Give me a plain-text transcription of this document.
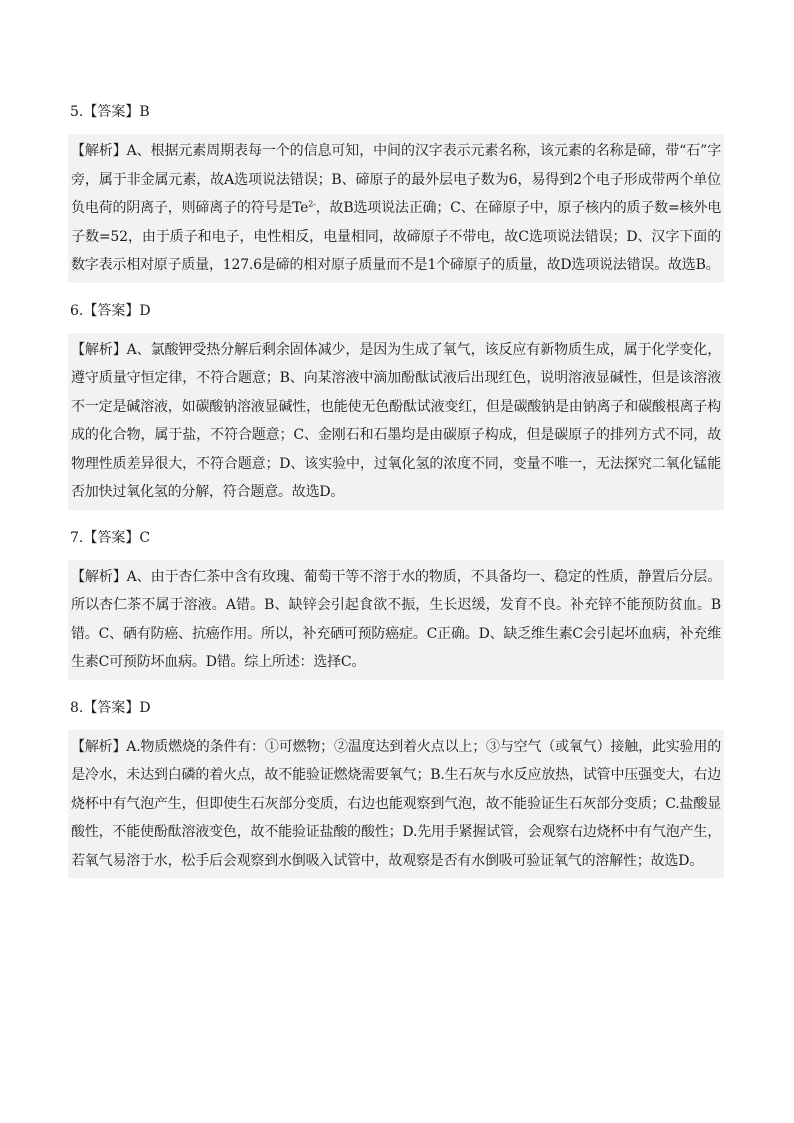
5.【答案】B
【解析】A、根据元素周期表每一个的信息可知，中间的汉字表示元素名称，该元素的名称是碲，带“石”字旁，属于非金属元素，故A选项说法错误；B、碲原子的最外层电子数为6，易得到2个电子形成带两个单位负电荷的阴离子，则碲离子的符号是$Te^{2-}$，故B选项说法正确；C、在碲原子中，原子核内的质子数=核外电子数=52，由于质子和电子，电性相反，电量相同，故碲原子不带电，故C选项说法错误；D、汉字下面的数字表示相对原子质量，127.6是碲的相对原子质量而不是1个碲原子的质量，故D选项说法错误。故选B。
6.【答案】D
【解析】A、氯酸钾受热分解后剩余固体减少，是因为生成了氧气，该反应有新物质生成，属于化学变化，遵守质量守恒定律，不符合题意；B、向某溶液中滴加酚酞试液后出现红色，说明溶液显碱性，但是该溶液不一定是碱溶液，如碳酸钠溶液显碱性，也能使无色酚酞试液变红，但是碳酸钠是由钠离子和碳酸根离子构成的化合物，属于盐，不符合题意；C、金刚石和石墨均是由碳原子构成，但是碳原子的排列方式不同，故物理性质差异很大，不符合题意；D、该实验中，过氧化氢的浓度不同，变量不唯一，无法探究二氧化锰能否加快过氧化氢的分解，符合题意。故选D。
7.【答案】C
【解析】A、由于杏仁茶中含有玫瑰、葡萄干等不溶于水的物质，不具备均一、稳定的性质，静置后分层。所以杏仁茶不属于溶液。A错。B、缺锌会引起食欲不振，生长迟缓，发育不良。补充锌不能预防贫血。B错。C、硒有防癌、抗癌作用。所以，补充硒可预防癌症。C正确。D、缺乏维生素C会引起坏血病，补充维生素C可预防坏血病。D错。综上所述：选择C。
8.【答案】D
【解析】A.物质燃烧的条件有：①可燃物；②温度达到着火点以上；③与空气（或氧气）接触，此实验用的是冷水，未达到白磷的着火点，故不能验证燃烧需要氧气；B.生石灰与水反应放热，试管中压强变大，右边烧杯中有气泡产生，但即使生石灰部分变质，右边也能观察到气泡，故不能验证生石灰部分变质；C.盐酸显酸性，不能使酚酞溶液变色，故不能验证盐酸的酸性；D.先用手紧握试管，会观察右边烧杯中有气泡产生，若氧气易溶于水，松手后会观察到水倒吸入试管中，故观察是否有水倒吸可验证氧气的溶解性；故选D。
